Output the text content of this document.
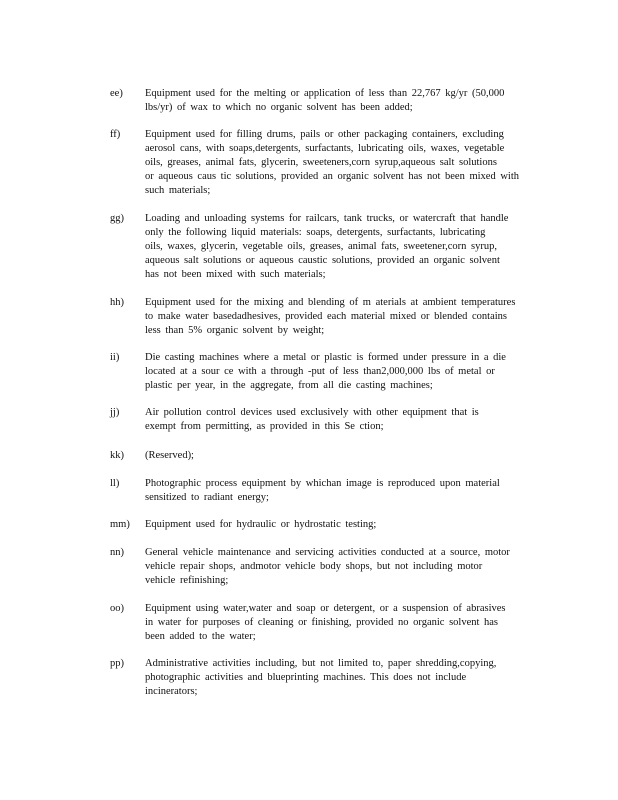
ee) Equipment used for the melting or application of less than 22,767 kg/yr (50,000
lbs/yr) of wax to which no organic solvent has been added;
ff) Equipment used for filling drums, pails or other packaging containers, excluding
aerosol cans, with soaps,detergents, surfactants, lubricating oils, waxes, vegetable
oils, greases, animal fats, glycerin, sweeteners,corn syrup,aqueous salt solutions
or aqueous caus tic solutions, provided an organic solvent has not been mixed with
such materials;
gg) Loading and unloading systems for railcars, tank trucks, or watercraft that handle
only the following liquid materials: soaps, detergents, surfactants, lubricating
oils, waxes, glycerin, vegetable oils, greases, animal fats, sweetener,corn syrup,
aqueous salt solutions or aqueous caustic solutions, provided an organic solvent
has not been mixed with such materials;
hh) Equipment used for the mixing and blending of m aterials at ambient temperatures
to make water basedadhesives, provided each material mixed or blended contains
less than 5% organic solvent by weight;
ii) Die casting machines where a metal or plastic is formed under pressure in a die
located at a sour ce with a through -put of less than2,000,000 lbs of metal or
plastic per year, in the aggregate, from all die casting machines;
jj) Air pollution control devices used exclusively with other equipment that is
exempt from permitting, as provided in this Se ction;
kk) (Reserved);
ll) Photographic process equipment by whichan image is reproduced upon material
sensitized to radiant energy;
mm) Equipment used for hydraulic or hydrostatic testing;
nn) General vehicle maintenance and servicing activities conducted at a source, motor
vehicle repair shops, andmotor vehicle body shops, but not including motor
vehicle refinishing;
oo) Equipment using water,water and soap or detergent, or a suspension of abrasives
in water for purposes of cleaning or finishing, provided no organic solvent has
been added to the water;
pp) Administrative activities including, but not limited to, paper shredding,copying,
photographic activities and blueprinting machines. This does not include
incinerators;
